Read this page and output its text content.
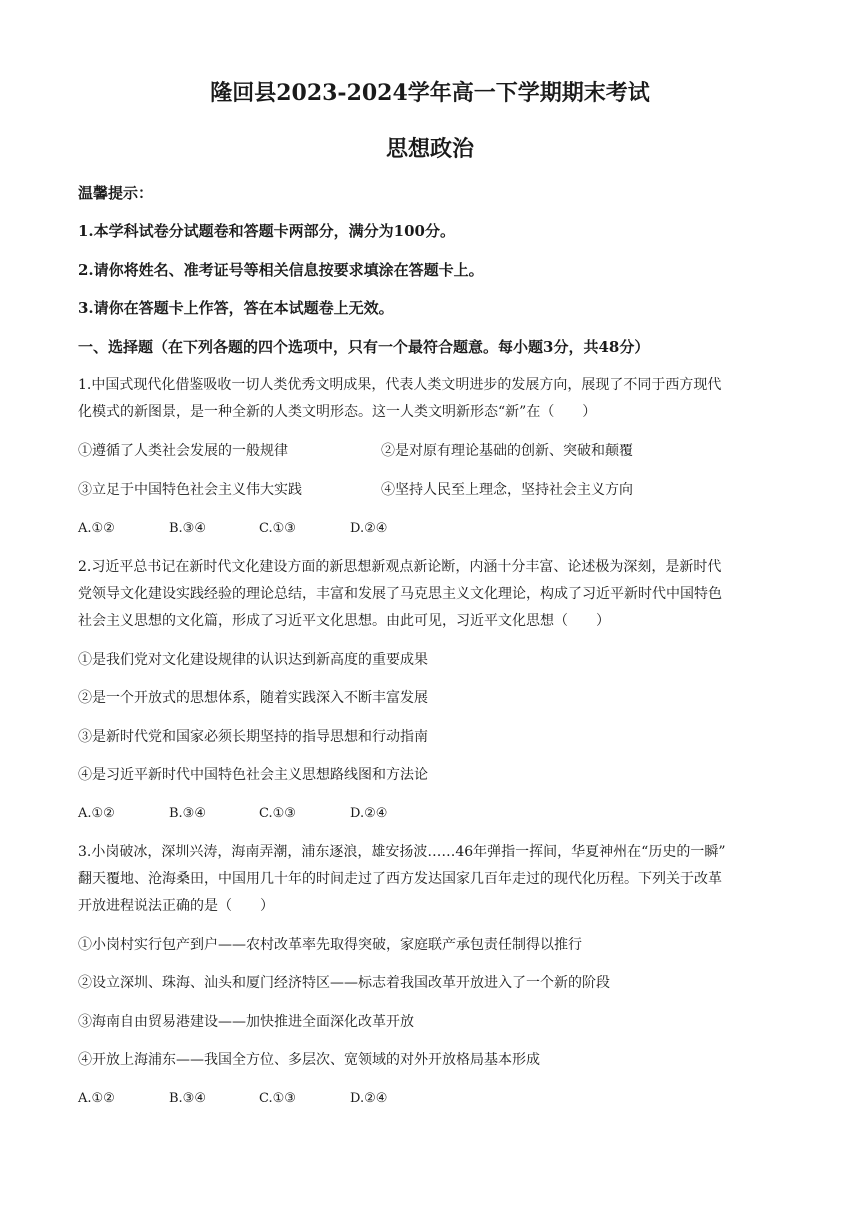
隆回县2023-2024学年高一下学期期末考试
思想政治
温馨提示：
1.本学科试卷分试题卷和答题卡两部分，满分为100分。
2.请你将姓名、准考证号等相关信息按要求填涂在答题卡上。
3.请你在答题卡上作答，答在本试题卷上无效。
一、选择题（在下列各题的四个选项中，只有一个最符合题意。每小题3分，共48分）
1.中国式现代化借鉴吸收一切人类优秀文明成果，代表人类文明进步的发展方向，展现了不同于西方现代
化模式的新图景，是一种全新的人类文明形态。这一人类文明新形态“新”在（　　）
①遵循了人类社会发展的一般规律	②是对原有理论基础的创新、突破和颠覆
③立足于中国特色社会主义伟大实践	④坚持人民至上理念，坚持社会主义方向
A.①②	B.③④	C.①③	D.②④
2.习近平总书记在新时代文化建设方面的新思想新观点新论断，内涵十分丰富、论述极为深刻，是新时代
党领导文化建设实践经验的理论总结，丰富和发展了马克思主义文化理论，构成了习近平新时代中国特色
社会主义思想的文化篇，形成了习近平文化思想。由此可见，习近平文化思想（　　）
①是我们党对文化建设规律的认识达到新高度的重要成果
②是一个开放式的思想体系，随着实践深入不断丰富发展
③是新时代党和国家必须长期坚持的指导思想和行动指南
④是习近平新时代中国特色社会主义思想路线图和方法论
A.①②	B.③④	C.①③	D.②④
3.小岗破冰，深圳兴涛，海南弄潮，浦东逐浪，雄安扬波……46年弹指一挥间，华夏神州在“历史的一瞬”
翻天覆地、沧海桑田，中国用几十年的时间走过了西方发达国家几百年走过的现代化历程。下列关于改革
开放进程说法正确的是（　　）
①小岗村实行包产到户——农村改革率先取得突破，家庭联产承包责任制得以推行
②设立深圳、珠海、汕头和厦门经济特区——标志着我国改革开放进入了一个新的阶段
③海南自由贸易港建设——加快推进全面深化改革开放
④开放上海浦东——我国全方位、多层次、宽领域的对外开放格局基本形成
A.①②	B.③④	C.①③	D.②④
